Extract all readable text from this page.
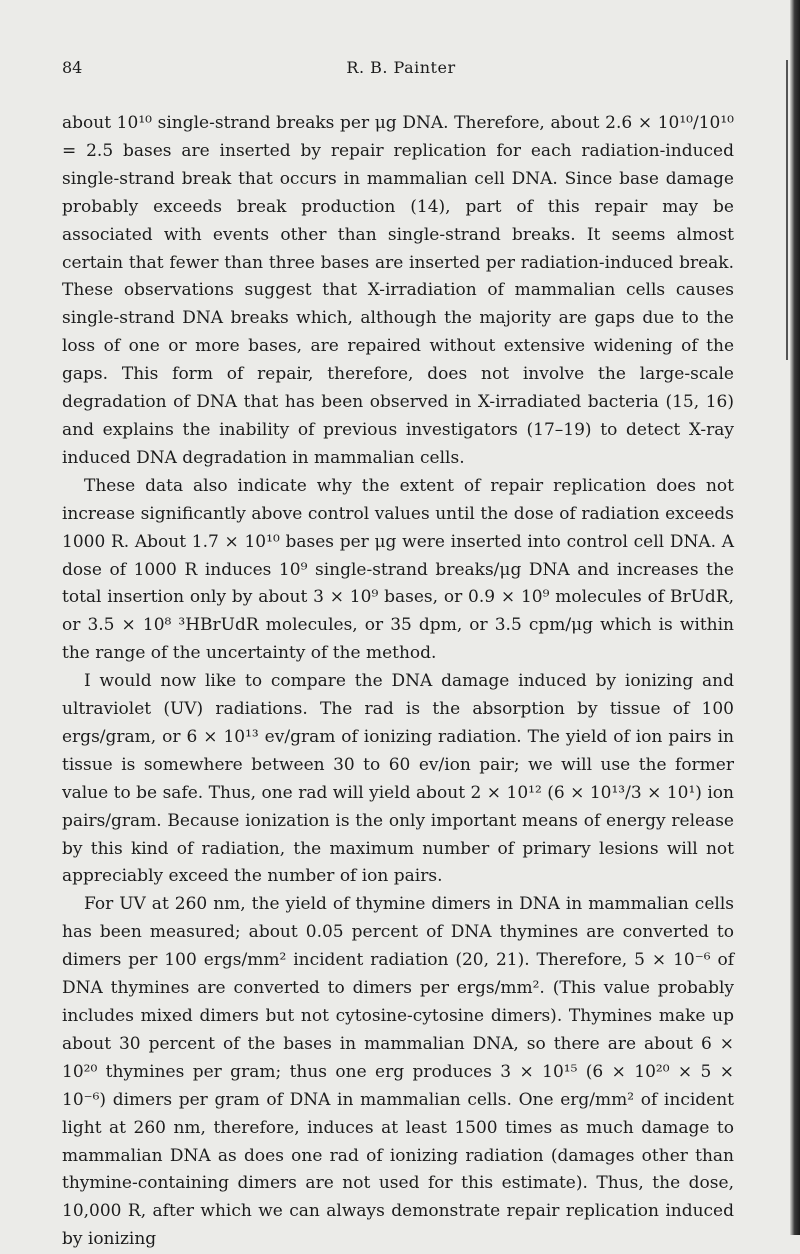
84	R. B. Painter

about 10¹⁰ single-strand breaks per μg DNA. Therefore, about 2.6 × 10¹⁰/10¹⁰ = 2.5 bases are inserted by repair replication for each radiation-induced single-strand break that occurs in mammalian cell DNA. Since base damage probably exceeds break production (14), part of this repair may be associated with events other than single-strand breaks. It seems almost certain that fewer than three bases are inserted per radiation-induced break. These observations suggest that X-irradiation of mammalian cells causes single-strand DNA breaks which, although the majority are gaps due to the loss of one or more bases, are repaired without extensive widening of the gaps. This form of repair, therefore, does not involve the large-scale degradation of DNA that has been observed in X-irradiated bacteria (15, 16) and explains the inability of previous investigators (17–19) to detect X-ray induced DNA degradation in mammalian cells.

These data also indicate why the extent of repair replication does not increase significantly above control values until the dose of radiation exceeds 1000 R. About 1.7 × 10¹⁰ bases per μg were inserted into control cell DNA. A dose of 1000 R induces 10⁹ single-strand breaks/μg DNA and increases the total insertion only by about 3 × 10⁹ bases, or 0.9 × 10⁹ molecules of BrUdR, or 3.5 × 10⁸ ³HBrUdR molecules, or 35 dpm, or 3.5 cpm/μg which is within the range of the uncertainty of the method.

I would now like to compare the DNA damage induced by ionizing and ultraviolet (UV) radiations. The rad is the absorption by tissue of 100 ergs/gram, or 6 × 10¹³ ev/gram of ionizing radiation. The yield of ion pairs in tissue is somewhere between 30 to 60 ev/ion pair; we will use the former value to be safe. Thus, one rad will yield about 2 × 10¹² (6 × 10¹³/3 × 10¹) ion pairs/gram. Because ionization is the only important means of energy release by this kind of radiation, the maximum number of primary lesions will not appreciably exceed the number of ion pairs.

For UV at 260 nm, the yield of thymine dimers in DNA in mammalian cells has been measured; about 0.05 percent of DNA thymines are converted to dimers per 100 ergs/mm² incident radiation (20, 21). Therefore, 5 × 10⁻⁶ of DNA thymines are converted to dimers per ergs/mm². (This value probably includes mixed dimers but not cytosine-cytosine dimers). Thymines make up about 30 percent of the bases in mammalian DNA, so there are about 6 × 10²⁰ thymines per gram; thus one erg produces 3 × 10¹⁵ (6 × 10²⁰ × 5 × 10⁻⁶) dimers per gram of DNA in mammalian cells. One erg/mm² of incident light at 260 nm, therefore, induces at least 1500 times as much damage to mammalian DNA as does one rad of ionizing radiation (damages other than thymine-containing dimers are not used for this estimate). Thus, the dose, 10,000 R, after which we can always demonstrate repair replication induced by ionizing
